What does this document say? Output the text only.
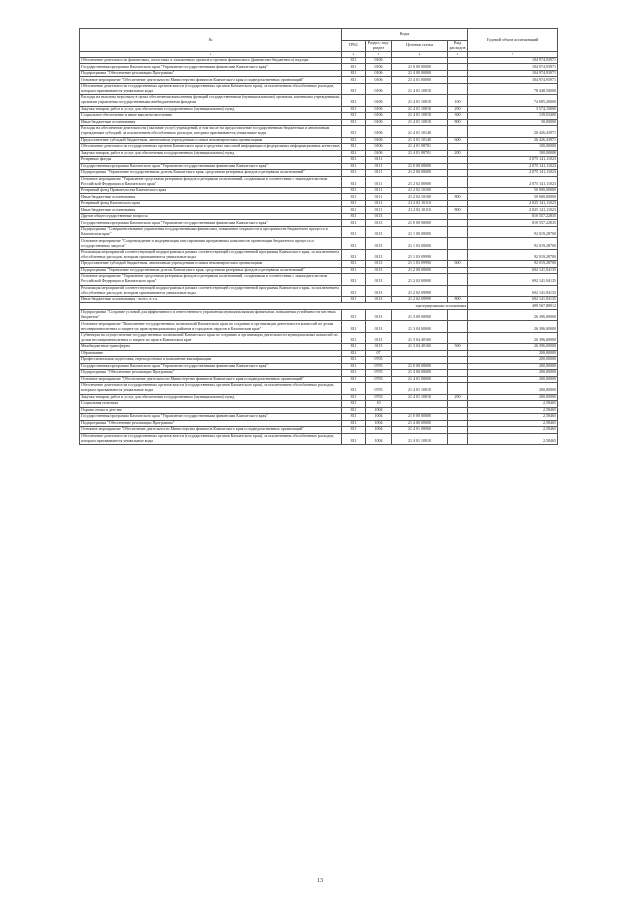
№	Коды				Годовой объем ассигнований
	ГРБС	Раздел, под-раздел	Целевая статья	Вид расходов	
1	2	3	4	5	7
Обеспечение деятельности финансовых, налоговых и таможенных органов и органов финансового (финансово-бюджетного) надзора	811	0106			104 974,93971
Государственная программа Камчатского края "Управление государственными финансами Камчатского края"	811	0106	21 0 00 00000		104 974,93971
Подпрограмма "Обеспечение реализации Программы"	811	0106	21 4 00 00000		104 974,93971
Основное мероприятие "Обеспечение деятельности Министерства финансов Камчатского края и подведомственных организаций"	811	0106	21 4 01 00000		104 974,93971
Обеспечение деятельности государственных органов власти (государственных органов Камчатского края), за исключением обособленных расходов, которым присваиваются уникальные коды	811	0106	21 4 01 10010		78 448,50000
Расходы на выплаты персоналу в целях обеспечения выполнения функций государственными (муниципальными) органами, казенными учреждениями, органами управления государственными внебюджетными фондами	811	0106	21 4 01 10010	100	74 685,20000
Закупка товаров, работ и услуг для обеспечения государственных (муниципальных) нужд	811	0106	21 4 01 10010	200	3 574,10000
Социальное обеспечение и иные выплаты населению	811	0106	21 4 01 10010	300	139,03400
Иные бюджетные ассигнования	811	0106	21 4 01 10010	800	50,00000
Расходы на обеспечение деятельности (оказание услуг) учреждений, в том числе на предоставление государственным бюджетным и автономным учреждениям субсидий, за исключением обособленных расходов, которым присваиваются уникальные коды	811	0106	21 4 01 10140		26 426,43971
Предоставление субсидий бюджетным, автономным учреждениям и иным некоммерческим организациям	811	0106	21 4 01 10140	600	26 426,43971
Обеспечение деятельности государственных органов Камчатского края в средствах массовой информации и федеральных информационных агентствах	811	0106	21 4 01 98701		100,00000
Закупка товаров, работ и услуг для обеспечения государственных (муниципальных) нужд	811	0106	21 4 01 98701	200	100,00000
Резервные фонды	811	0111			2 075 141,11023
Государственная программа Камчатского края "Управление государственными финансами Камчатского края"	811	0111	21 0 00 00000		2 075 141,11023
Подпрограмма "Управление государственным долгом Камчатского края, средствами резервных фондов и резервами ассигнований"	811	0111	21 2 00 00000		2 075 141,11023
Основное мероприятие "Управление средствами резервных фондов и резервами ассигнований, созданными в соответствии с законодательством Российской Федерации и Камчатского края"	811	0111	21 2 02 00000		2 075 141,11023
Резервный фонд Правительства Камчатского края	811	0111	21 2 02 10100		50 000,00000
Иные бюджетные ассигнования	811	0111	21 2 02 10100	800	50 000,00000
Резервный фонд Камчатского края	811	0111	21 2 02 10110		2 025 141,11023
Иные бюджетные ассигнования	811	0111	21 2 02 10110	800	2 025 141,11023
Другие общегосударственные вопросы	811	0113			810 557,22835
Государственная программа Камчатского края "Управление государственными финансами Камчатского края"	811	0113	21 0 00 00000		810 557,22835
Подпрограмма "Совершенствование управления государственными финансами, повышение открытости и прозрачности бюджетного процесса в Камчатском крае"	811	0113	21 1 00 00000		92 019,28700
Основное мероприятие "Сопровождение и модернизация глиссирования программных комплексов организации бюджетного процесса и государственных закупок"	811	0113	21 1 03 00000		92 019,28700
Реализация мероприятий соответствующей подпрограммы в рамках соответствующей государственной программы Камчатского края, за исключением обособленных расходов, которым присваиваются уникальные коды	811	0113	21 1 03 09990		92 019,28700
Предоставление субсидий бюджетным, автономным учреждениям и иным некоммерческим организациям	811	0113	21 1 03 09990	600	92 019,28700
Подпрограмма "Управление государственным долгом Камчатского края, средствами резервных фондов и резервами ассигнований"	811	0113	21 2 00 00000		692 141,94135
Основное мероприятие "Управление средствами резервных фондов и резервами ассигнований, созданными в соответствии с законодательством Российской Федерации и Камчатского края"	811	0113	21 2 02 00000		692 141,94135
Реализация мероприятий соответствующей подпрограммы в рамках соответствующей государственной программы Камчатского края, за исключением обособленных расходов, которым присваиваются уникальные коды	811	0113	21 2 02 09990		692 141,94135
Иные бюджетные ассигнования - всего, в т.ч.	811	0113	21 2 02 09990	800	692 141,94135
зарезервированные ассигнования					499 567,88912
Подпрограмма "Создание условий для эффективного и ответственного управления муниципальными финансами, повышения устойчивости местных бюджетов"	811	0113	21 3 00 00000		26 396,00000
Основное мероприятие "Выполнение государственных полномочий Камчатского края по созданию и организации деятельности комиссий по делам несовершеннолетних и защите их прав муниципальных районов и городских округов в Камчатском крае"	811	0113	21 3 04 00000		26 396,00000
Субвенции на осуществление государственных полномочий Камчатского края по созданию и организации деятельности муниципальных комиссий по делам несовершеннолетних и защите их прав в Камчатском крае	811	0113	21 3 04 40160		26 396,00000
Межбюджетные трансферты	811	0113	21 3 04 40160	500	26 396,00000
Образование	811	07			200,00000
Профессиональная подготовка, переподготовка и повышение квалификации	811	0705			200,00000
Государственная программа Камчатского края "Управление государственными финансами Камчатского края"	811	0705	21 0 00 00000		200,00000
Подпрограмма "Обеспечение реализации Программы"	811	0705	21 4 00 00000		200,00000
Основное мероприятие "Обеспечение деятельности Министерства финансов Камчатского края и подведомственных организаций"	811	0705	21 4 01 00000		200,00000
Обеспечение деятельности государственных органов власти (государственных органов Камчатского края), за исключением обособленных расходов, которым присваиваются уникальные коды	811	0705	21 4 01 10010		200,00000
Закупка товаров, работ и услуг для обеспечения государственных (муниципальных) нужд	811	0705	21 4 01 10010	200	200,00000
Социальная политика	811	10			2,58465
Охрана семьи и детства	811	1004			2,58465
Государственная программа Камчатского края "Управление государственными финансами Камчатского края"	811	1004	21 0 00 00000		2,58465
Подпрограмма "Обеспечение реализации Программы"	811	1004	21 4 00 00000		2,58465
Основное мероприятие "Обеспечение деятельности Министерства финансов Камчатского края и подведомственных организаций"	811	1004	21 4 01 00000		2,58465
Обеспечение деятельности государственных органов власти (государственных органов Камчатского края), за исключением обособленных расходов, которым присваиваются уникальные коды	811	1004	21 4 01 10010		2,58465
13
